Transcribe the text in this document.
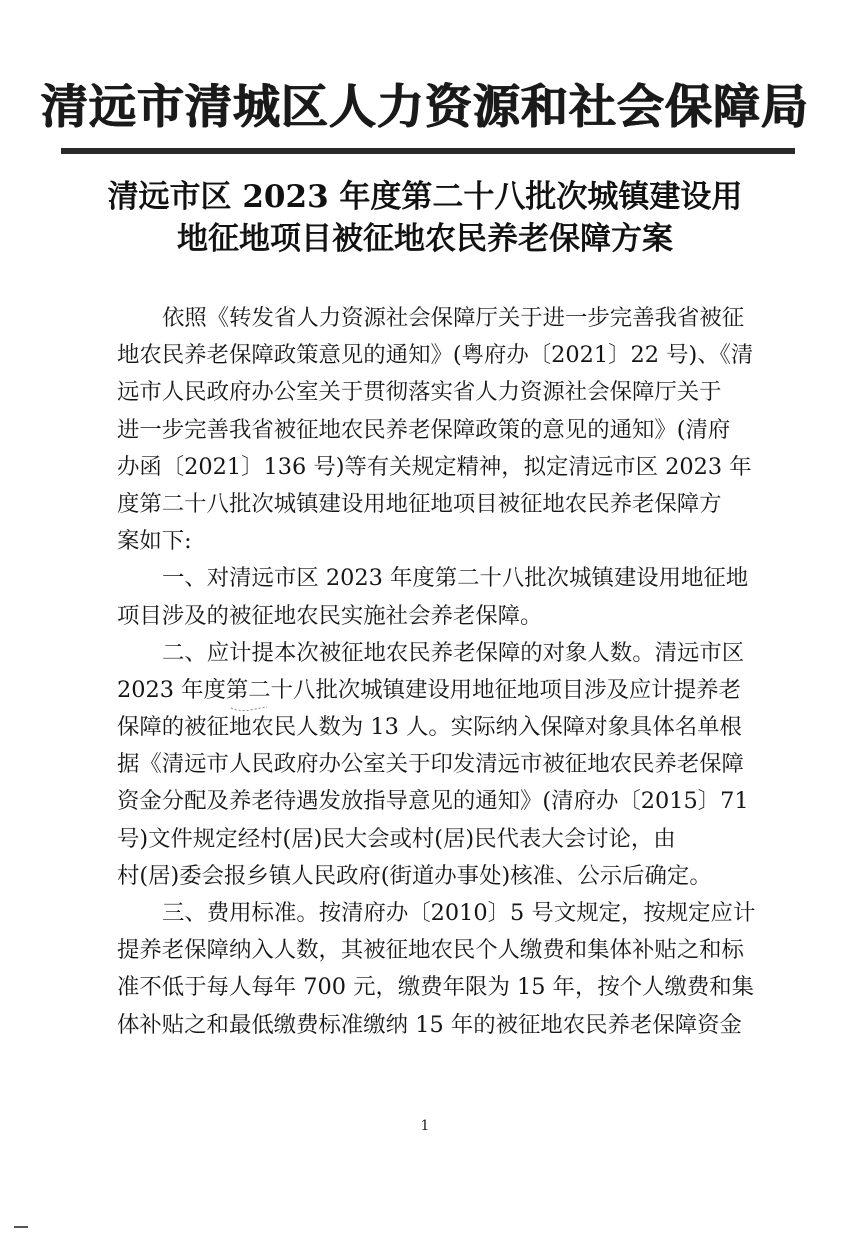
清远市清城区人力资源和社会保障局
清远市区 2023 年度第二十八批次城镇建设用
地征地项目被征地农民养老保障方案
依照《转发省人力资源社会保障厅关于进一步完善我省被征
地农民养老保障政策意见的通知》(粤府办〔2021〕22 号)、《清
远市人民政府办公室关于贯彻落实省人力资源社会保障厅关于
进一步完善我省被征地农民养老保障政策的意见的通知》(清府
办函〔2021〕136 号)等有关规定精神，拟定清远市区 2023 年
度第二十八批次城镇建设用地征地项目被征地农民养老保障方
案如下:
一、对清远市区 2023 年度第二十八批次城镇建设用地征地
项目涉及的被征地农民实施社会养老保障。
二、应计提本次被征地农民养老保障的对象人数。清远市区
2023 年度第二十八批次城镇建设用地征地项目涉及应计提养老
保障的被征地农民人数为 13 人。实际纳入保障对象具体名单根
据《清远市人民政府办公室关于印发清远市被征地农民养老保障
资金分配及养老待遇发放指导意见的通知》(清府办〔2015〕71
号)文件规定经村(居)民大会或村(居)民代表大会讨论，由
村(居)委会报乡镇人民政府(街道办事处)核准、公示后确定。
三、费用标准。按清府办〔2010〕5 号文规定，按规定应计
提养老保障纳入人数，其被征地农民个人缴费和集体补贴之和标
准不低于每人每年 700 元，缴费年限为 15 年，按个人缴费和集
体补贴之和最低缴费标准缴纳 15 年的被征地农民养老保障资金
1
